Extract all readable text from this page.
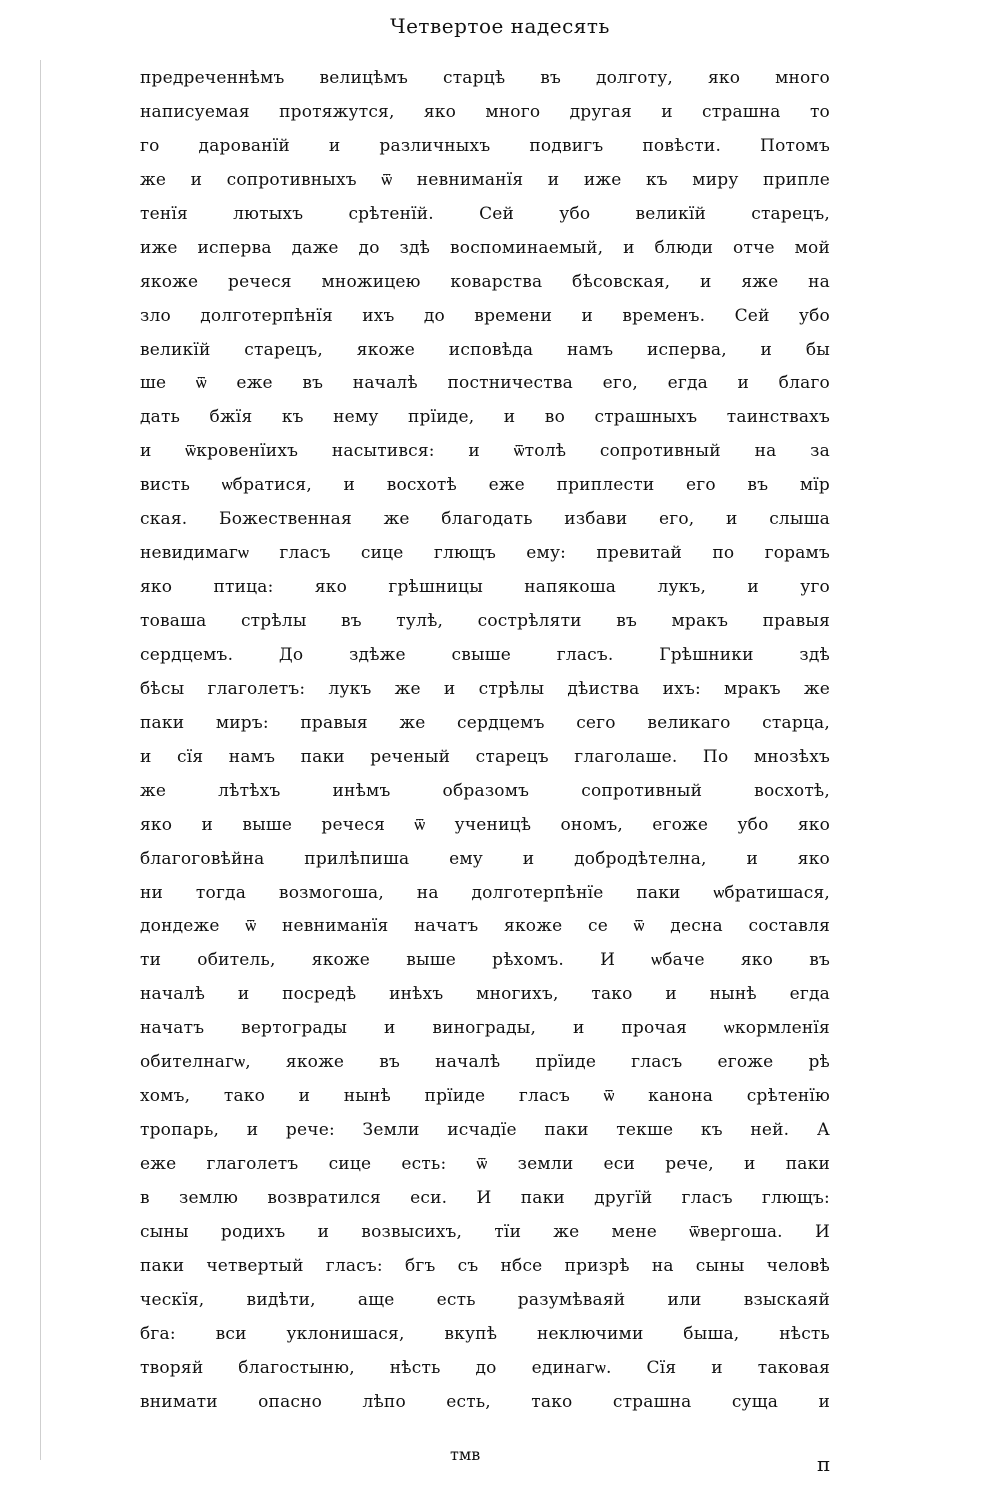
Четвертое надесять
предреченнѣмъ велицѣмъ старцѣ въ долготу, яко много
написуемая протяжутся, яко много другая и страшна то
го дарованїй и различныхъ подвигъ повѣсти. Потомъ
же и сопротивныхъ ѿ невниманїя и иже къ миру припле
тенїя лютыхъ срѣтенїй. Сей убо великїй старецъ,
иже исперва даже до здѣ воспоминаемый, и блюди отче мой
якоже речеся множицею коварства бѣсовская, и яже на
зло долготерпѣнїя ихъ до времени и временъ. Сей убо
великїй старецъ, якоже исповѣда намъ исперва, и бы
ше ѿ еже въ началѣ постничества его, егда и благо
дать бжїя къ нему прїиде, и во страшныхъ таинствахъ
и ѿкровенїихъ насытився: и ѿтолѣ сопротивный на за
висть ѡбратися, и восхотѣ еже приплести его въ мїр
ская. Божественная же благодать избави его, и слыша
невидимагѡ гласъ сице глющъ ему: превитай по горамъ
яко птица: яко грѣшницы напякоша лукъ, и уго
товаша стрѣлы въ тулѣ, сострѣляти въ мракъ правыя
сердцемъ. До здѣже свыше гласъ. Грѣшники здѣ
бѣсы глаголетъ: лукъ же и стрѣлы дѣиства ихъ: мракъ же
паки миръ: правыя же сердцемъ сего великаго старца,
и сїя намъ паки реченый старецъ глаголаше. По мнозѣхъ
же лѣтѣхъ инѣмъ образомъ сопротивный восхотѣ,
яко и выше речеся ѿ ученицѣ ономъ, егоже убо яко
благоговѣйна прилѣпиша ему и добродѣтелна, и яко
ни тогда возмогоша, на долготерпѣнїе паки ѡбратишася,
дондеже ѿ невниманїя начатъ якоже се ѿ десна составля
ти обитель, якоже выше рѣхомъ. И ѡбаче яко въ
началѣ и посредѣ инѣхъ многихъ, тако и нынѣ егда
начатъ вертограды и винограды, и прочая ѡкормленїя
обителнагѡ, якоже въ началѣ прїиде гласъ егоже рѣ
хомъ, тако и нынѣ прїиде гласъ ѿ канона срѣтенїю
тропарь, и рече: Земли исчадїе паки текше къ ней. А
еже глаголетъ сице есть: ѿ земли еси рече, и паки
в землю возвратился еси. И паки другїй гласъ глющъ:
сыны родихъ и возвысихъ, тїи же мене ѿвергоша. И
паки четвертый гласъ: бгъ съ нбсе призрѣ на сыны человѣ
ческїя, видѣти, аще есть разумѣваяй или взыскаяй
бга: вси уклонишася, вкупѣ неключими быша, нѣсть
творяй благостыню, нѣсть до единагѡ. Сїя и таковая
внимати опасно лѣпо есть, тако страшна суща и
тмв	п
